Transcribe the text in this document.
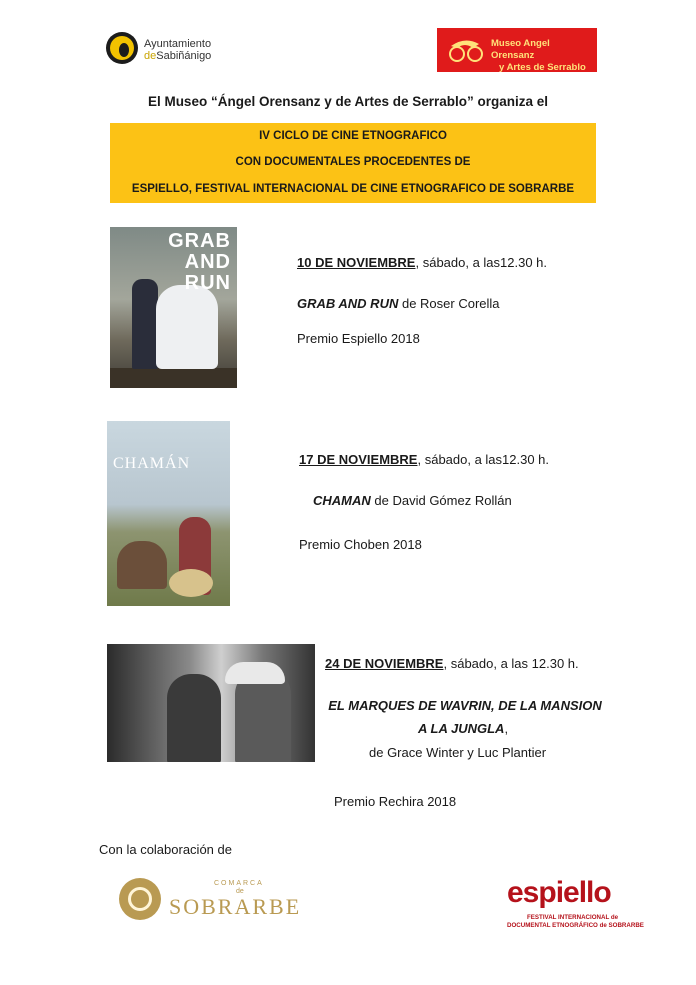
Ayuntamiento
deSabiñánigo
Museo Angel Orensanz
y Artes de Serrablo
El Museo “Ángel Orensanz y de Artes de Serrablo” organiza el
IV CICLO DE CINE ETNOGRAFICO
CON DOCUMENTALES PROCEDENTES DE
ESPIELLO, FESTIVAL INTERNACIONAL DE CINE ETNOGRAFICO DE SOBRARBE
GRAB
AND
RUN
10 DE NOVIEMBRE, sábado, a las12.30 h.
GRAB AND RUN de Roser Corella
Premio Espiello 2018
CHAMÁN	17 DE NOVIEMBRE, sábado, a las12.30 h.
CHAMAN de David Gómez Rollán
Premio Choben 2018
24 DE NOVIEMBRE, sábado, a las 12.30 h.
EL MARQUES DE WAVRIN, DE LA MANSION
A LA JUNGLA,
de Grace Winter y Luc Plantier
Premio Rechira 2018
Con la colaboración de
COMARCA
de
SOBRARBE	espiello
FESTIVAL INTERNACIONAL de
DOCUMENTAL ETNOGRÁFICO de SOBRARBE
